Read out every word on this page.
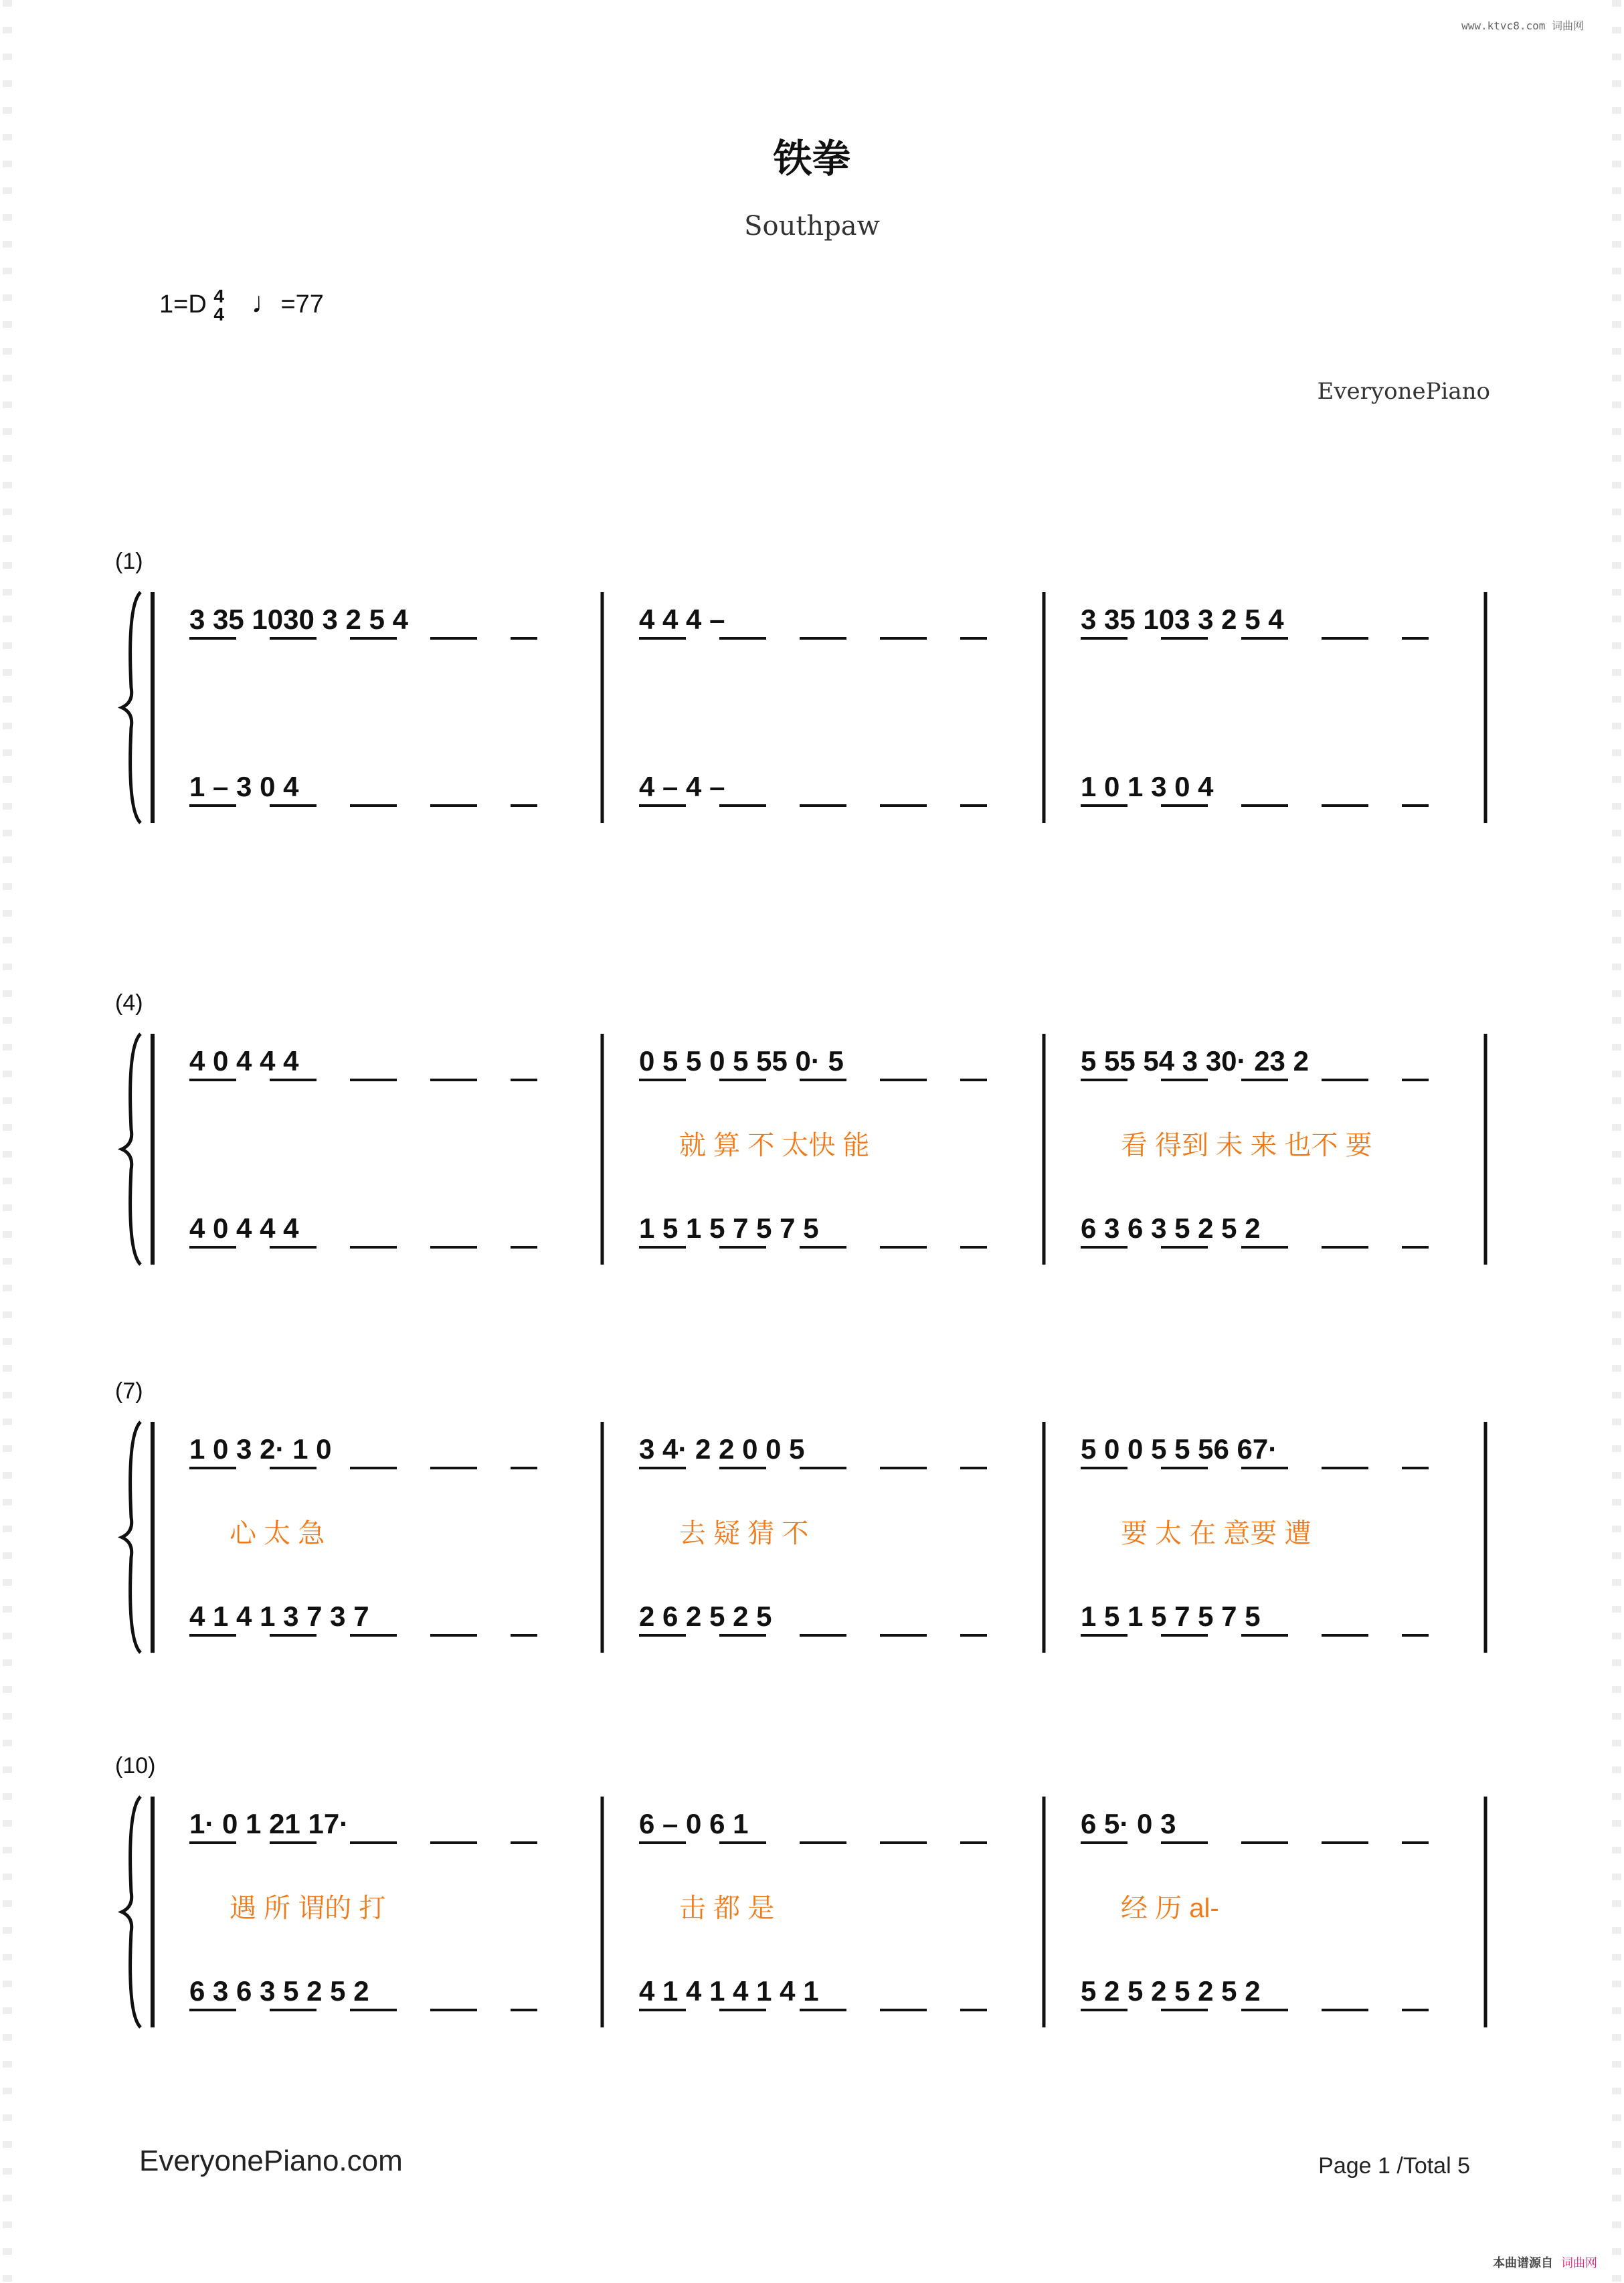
www.ktvc8.com 词曲网
铁拳
Southpaw
1=D 4
4 ♩=77
EveryonePiano
(1)
3 35 1030 3 2 5 4
1 – 3 0 4
4 4 4 –
4 – 4 –
3 35 103 3 2 5 4
1 0 1 3 0 4
(4)
4 0 4 4 4
4 0 4 4 4
0 5 5 0 5 55 0· 5
1 5 1 5 7 5 7 5
就 算 不 太快 能
5 55 54 3 30· 23 2
6 3 6 3 5 2 5 2
看 得到 未 来 也不 要
(7)
1 0 3 2· 1 0
4 1 4 1 3 7 3 7
心 太 急
3 4· 2 2 0 0 5
2 6 2 5 2 5
去 疑 猜 不
5 0 0 5 5 56 67·
1 5 1 5 7 5 7 5
要 太 在 意要 遭
(10)
1· 0 1 21 17·
6 3 6 3 5 2 5 2
遇 所 谓的 打
6 – 0 6 1
4 1 4 1 4 1 4 1
击 都 是
6 5· 0 3
5 2 5 2 5 2 5 2
经 历 al-
EveryonePiano.com	Page 1 /Total 5
本曲谱源自 词曲网
